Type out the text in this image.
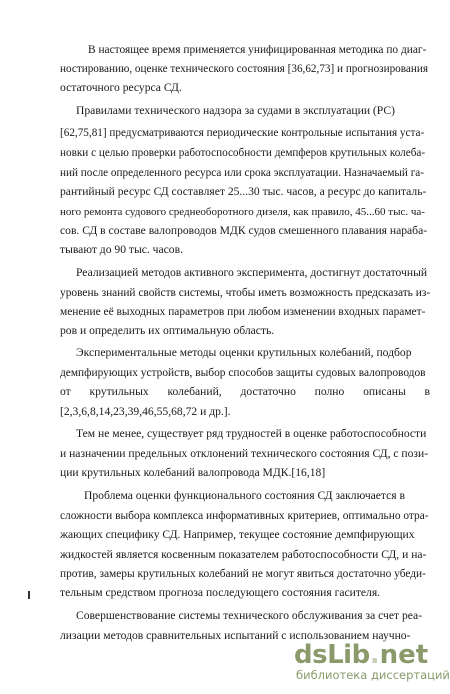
В настоящее время применяется унифицированная методика по диаг-
ностированию, оценке технического состояния [36,62,73] и прогнозирования
остаточного ресурса СД.
Правилами технического надзора за судами в эксплуатации (РС)
[62,75,81] предусматриваются периодические контрольные испытания уста-
новки с целью проверки работоспособности демпферов крутильных колеба-
ний после определенного ресурса или срока эксплуатации. Назначаемый га-
рантийный ресурс СД составляет 25...30 тыс. часов, а ресурс до капиталь-
ного ремонта судового среднеоборотного дизеля, как правило, 45...60 тыс. ча-
сов. СД в составе валопроводов МДК судов смешенного плавания нараба-
тывают до 90 тыс. часов.
Реализацией методов активного эксперимента, достигнут достаточный
уровень знаний свойств системы, чтобы иметь возможность предсказать из-
менение её выходных параметров при любом изменении входных парамет-
ров и определить их оптимальную область.
Экспериментальные методы оценки крутильных колебаний, подбор
демпфирующих устройств, выбор способов защиты судовых валопроводов
от крутильных колебаний, достаточно полно описаны в
[2,3,6,8,14,23,39,46,55,68,72 и др.].
Тем не менее, существует ряд трудностей в оценке работоспособности
и назначении предельных отклонений технического состояния СД, с пози-
ции крутильных колебаний валопровода МДК.[16,18]
Проблема оценки функционального состояния СД заключается в
сложности выбора комплекса информативных критериев, оптимально отра-
жающих специфику СД. Например, текущее состояние демпфирующих
жидкостей является косвенным показателем работоспособности СД, и на-
против, замеры крутильных колебаний не могут явиться достаточно убеди-
тельным средством прогноза последующего состояния гасителя.
Совершенствование системы технического обслуживания за счет реа-
лизации методов сравнительных испытаний с использованием научно-
dsLib . net
библиотека диссертаций
